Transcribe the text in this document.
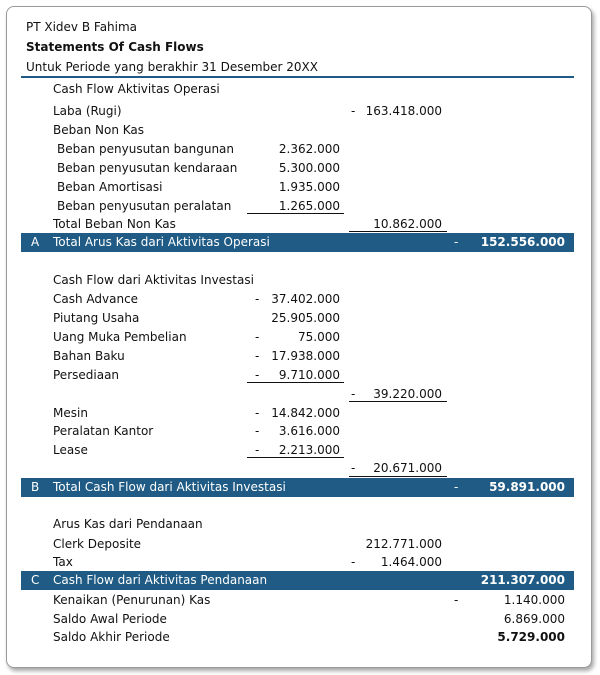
PT Xidev B Fahima
Statements Of Cash Flows
Untuk Periode yang berakhir 31 Desember 20XX
Cash Flow Aktivitas Operasi
Laba (Rugi)	- 163.418.000
Beban Non Kas
Beban penyusutan bangunan	2.362.000
Beban penyusutan kendaraan	5.300.000
Beban Amortisasi	1.935.000
Beban penyusutan peralatan	1.265.000
Total Beban Non Kas	10.862.000
A Total Arus Kas dari Aktivitas Operasi	- 152.556.000
Cash Flow dari Aktivitas Investasi
Cash Advance	- 37.402.000
Piutang Usaha	25.905.000
Uang Muka Pembelian	-	75.000
Bahan Baku	- 17.938.000
Persediaan	- 9.710.000
- 39.220.000
Mesin	- 14.842.000
Peralatan Kantor	- 3.616.000
Lease	- 2.213.000
- 20.671.000
B Total Cash Flow dari Aktivitas Investasi	-	59.891.000
Arus Kas dari Pendanaan
Clerk Deposite	212.771.000
Tax	- 1.464.000
C Cash Flow dari Aktivitas Pendanaan	211.307.000
Kenaikan (Penurunan) Kas	-	1.140.000
Saldo Awal Periode	6.869.000
Saldo Akhir Periode	5.729.000
